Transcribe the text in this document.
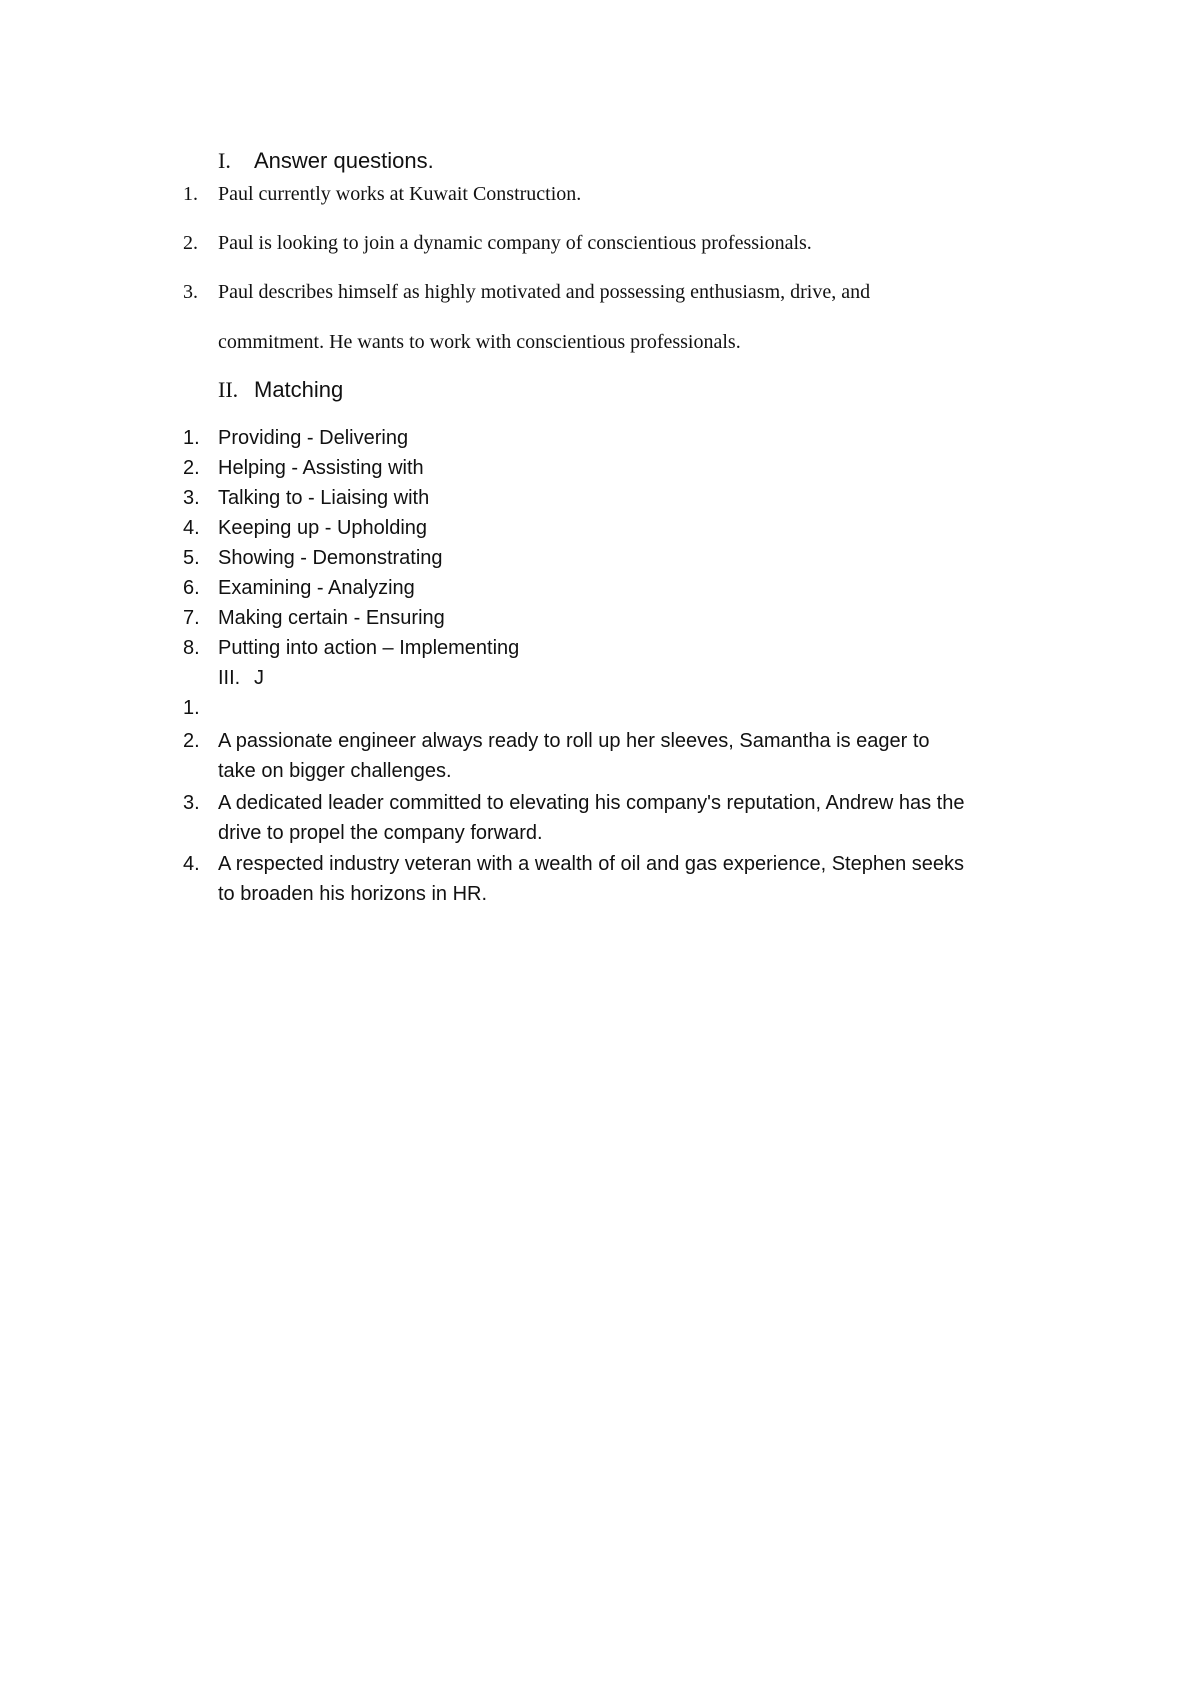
I. Answer questions.
1.	Paul currently works at Kuwait Construction.
2.	Paul is looking to join a dynamic company of conscientious professionals.
3.	Paul describes himself as highly motivated and possessing enthusiasm, drive, and
commitment. He wants to work with conscientious professionals.
II. Matching
1. Providing - Delivering
2. Helping - Assisting with
3. Talking to - Liaising with
4. Keeping up - Upholding
5. Showing - Demonstrating
6. Examining - Analyzing
7. Making certain - Ensuring
8. Putting into action – Implementing
III. J
1.
2. A passionate engineer always ready to roll up her sleeves, Samantha is eager to
take on bigger challenges.
3. A dedicated leader committed to elevating his company's reputation, Andrew has the
drive to propel the company forward.
4. A respected industry veteran with a wealth of oil and gas experience, Stephen seeks
to broaden his horizons in HR.
